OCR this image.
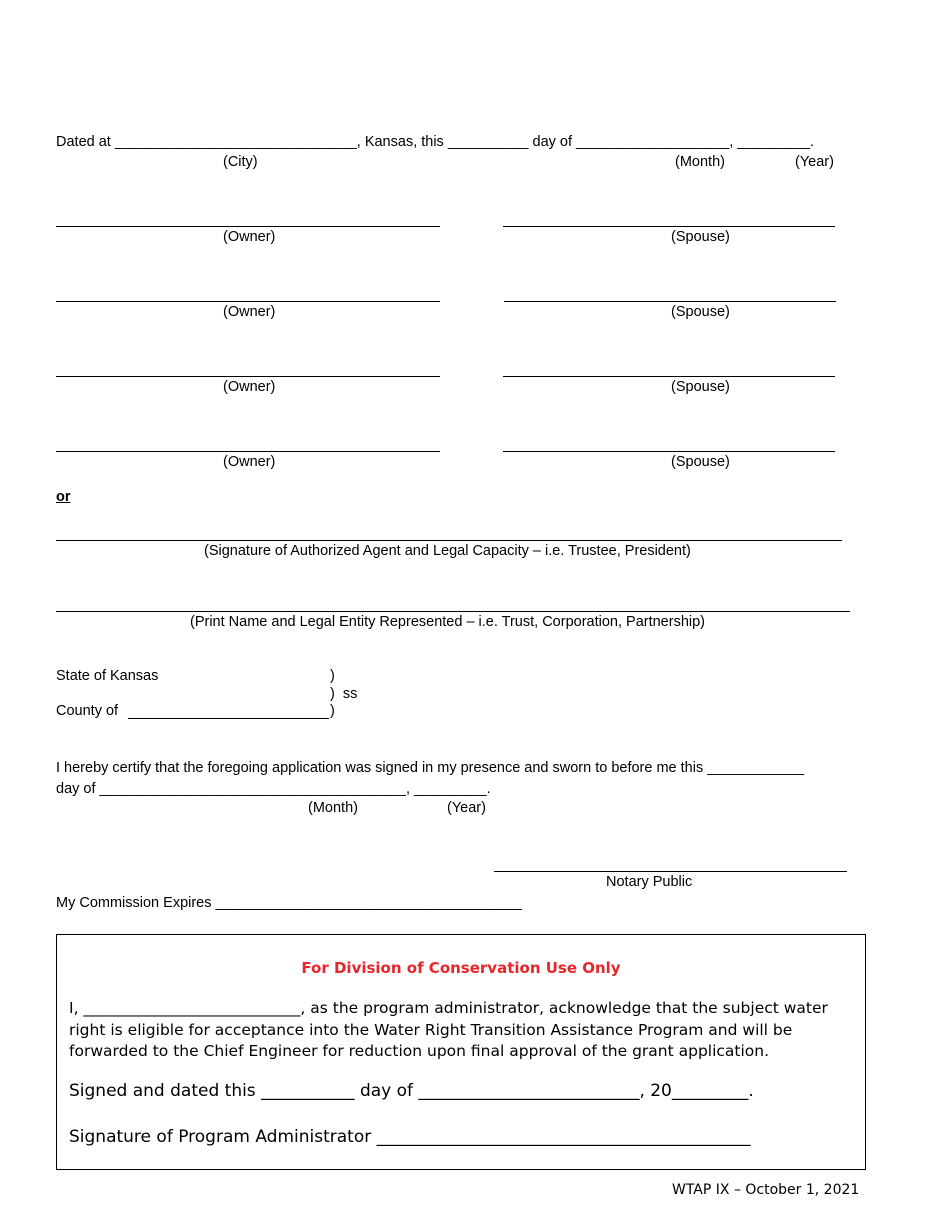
Dated at ______________________________, Kansas, this __________ day of ___________________, _________.
(City)	(Month)	(Year)
(Owner)	(Spouse)
(Owner)	(Spouse)
(Owner)	(Spouse)
(Owner)	(Spouse)
or
(Signature of Authorized Agent and Legal Capacity – i.e. Trustee, President)
(Print Name and Legal Entity Represented – i.e. Trust, Corporation, Partnership)
State of Kansas	)
)  ss
County of	)
I hereby certify that the foregoing application was signed in my presence and sworn to before me this ____________
day of ______________________________________, _________.
(Month)	(Year)
Notary Public
My Commission Expires ______________________________________
For Division of Conservation Use Only
I, ____________________________, as the program administrator, acknowledge that the subject water right is eligible for acceptance into the Water Right Transition Assistance Program and will be forwarded to the Chief Engineer for reduction upon final approval of the grant application.
Signed and dated this ___________ day of __________________________, 20_________.
Signature of Program Administrator ____________________________________________
WTAP IX – October 1, 2021
